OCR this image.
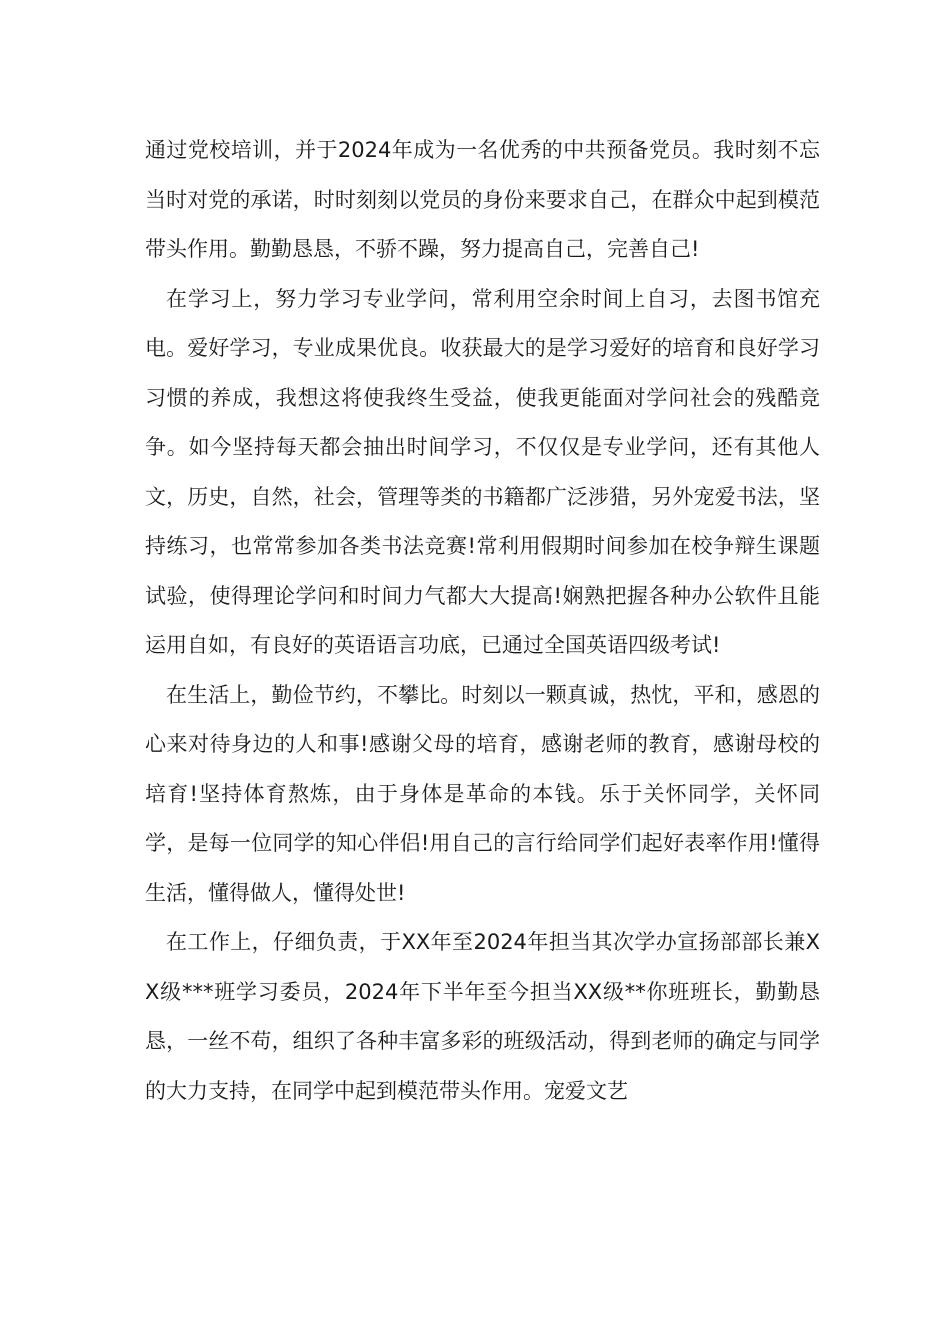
通过党校培训，并于2024年成为一名优秀的中共预备党员。我时刻不忘当时对党的承诺，时时刻刻以党员的身份来要求自己，在群众中起到模范带头作用。勤勤恳恳，不骄不躁，努力提高自己，完善自己!

在学习上，努力学习专业学问，常利用空余时间上自习，去图书馆充电。爱好学习，专业成果优良。收获最大的是学习爱好的培育和良好学习习惯的养成，我想这将使我终生受益，使我更能面对学问社会的残酷竞争。如今坚持每天都会抽出时间学习，不仅仅是专业学问，还有其他人文，历史，自然，社会，管理等类的书籍都广泛涉猎，另外宠爱书法，坚持练习，也常常参加各类书法竞赛!常利用假期时间参加在校争辩生课题试验，使得理论学问和时间力气都大大提高!娴熟把握各种办公软件且能运用自如，有良好的英语语言功底，已通过全国英语四级考试!

在生活上，勤俭节约，不攀比。时刻以一颗真诚，热忱，平和，感恩的心来对待身边的人和事!感谢父母的培育，感谢老师的教育，感谢母校的培育!坚持体育熬炼，由于身体是革命的本钱。乐于关怀同学，关怀同学，是每一位同学的知心伴侣!用自己的言行给同学们起好表率作用!懂得生活，懂得做人，懂得处世!

在工作上，仔细负责，于XX年至2024年担当其次学办宣扬部部长兼XX级***班学习委员，2024年下半年至今担当XX级**你班班长，勤勤恳恳，一丝不苟，组织了各种丰富多彩的班级活动，得到老师的确定与同学的大力支持，在同学中起到模范带头作用。宠爱文艺
